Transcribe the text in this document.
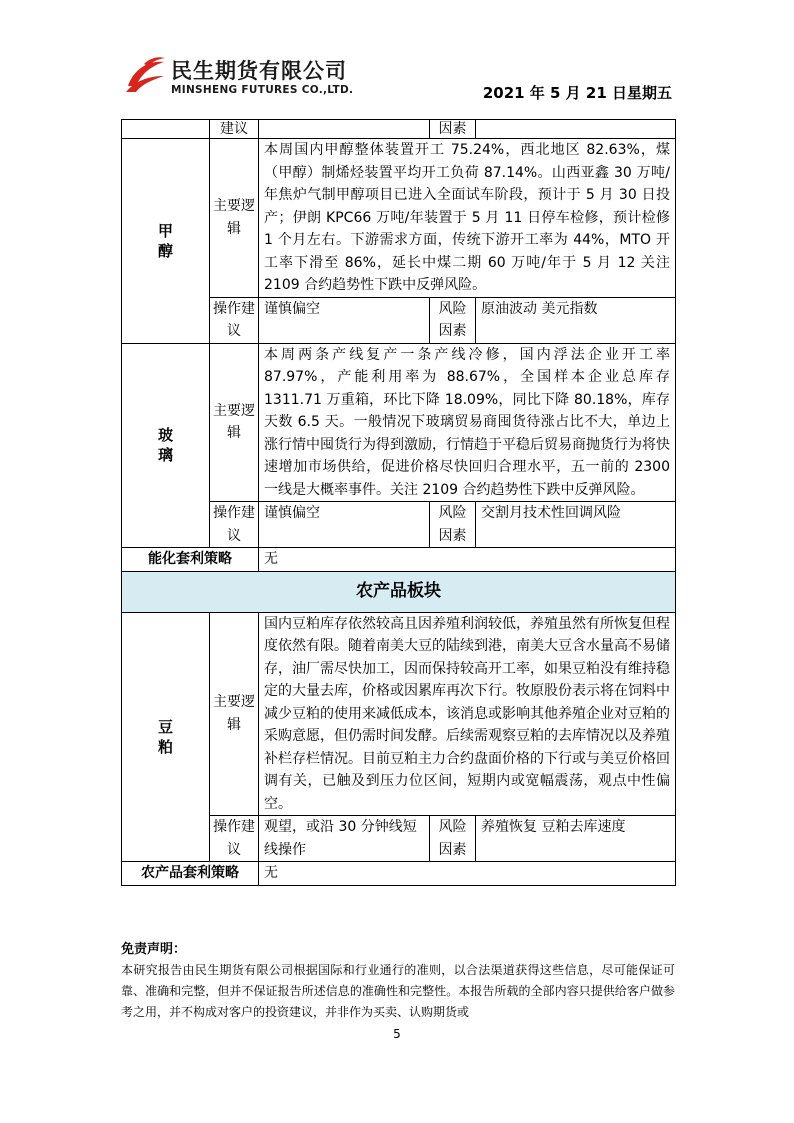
民生期货有限公司
MINSHENG FUTURES CO.,LTD.	2021 年 5 月 21 日星期五
	建议		因素	
甲醇	主要逻辑	本周国内甲醇整体装置开工 75.24%，西北地区 82.63%，煤（甲醇）制烯烃装置平均开工负荷 87.14%。山西亚鑫 30 万吨/年焦炉气制甲醇项目已进入全面试车阶段，预计于 5 月 30 日投产；伊朗 KPC66 万吨/年装置于 5 月 11 日停车检修，预计检修 1 个月左右。下游需求方面，传统下游开工率为 44%，MTO 开工率下滑至 86%，延长中煤二期 60 万吨/年于 5 月 12 关注 2109 合约趋势性下跌中反弹风险。		
	操作建议	谨慎偏空	风险因素	原油波动 美元指数
玻璃	主要逻辑	本周两条产线复产一条产线冷修，国内浮法企业开工率 87.97%，产能利用率为 88.67%，全国样本企业总库存 1311.71 万重箱，环比下降 18.09%，同比下降 80.18%，库存天数 6.5 天。一般情况下玻璃贸易商囤货待涨占比不大，单边上涨行情中囤货行为得到激励，行情趋于平稳后贸易商抛货行为将快速增加市场供给，促进价格尽快回归合理水平，五一前的 2300 一线是大概率事件。关注 2109 合约趋势性下跌中反弹风险。		
	操作建议	谨慎偏空	风险因素	交割月技术性回调风险
能化套利策略		无		
农产品板块				
豆粕	主要逻辑	国内豆粕库存依然较高且因养殖利润较低，养殖虽然有所恢复但程度依然有限。随着南美大豆的陆续到港，南美大豆含水量高不易储存，油厂需尽快加工，因而保持较高开工率，如果豆粕没有维持稳定的大量去库，价格或因累库再次下行。牧原股份表示将在饲料中减少豆粕的使用来减低成本，该消息或影响其他养殖企业对豆粕的采购意愿，但仍需时间发酵。后续需观察豆粕的去库情况以及养殖补栏存栏情况。目前豆粕主力合约盘面价格的下行或与美豆价格回调有关，已触及到压力位区间，短期内或宽幅震荡，观点中性偏空。		
	操作建议	观望，或沿 30 分钟线短线操作	风险因素	养殖恢复 豆粕去库速度
农产品套利策略		无		
免责声明：
本研究报告由民生期货有限公司根据国际和行业通行的准则，以合法渠道获得这些信息，尽可能保证可靠、准确和完整，但并不保证报告所述信息的准确性和完整性。本报告所载的全部内容只提供给客户做参考之用，并不构成对客户的投资建议，并非作为买卖、认购期货或
5
